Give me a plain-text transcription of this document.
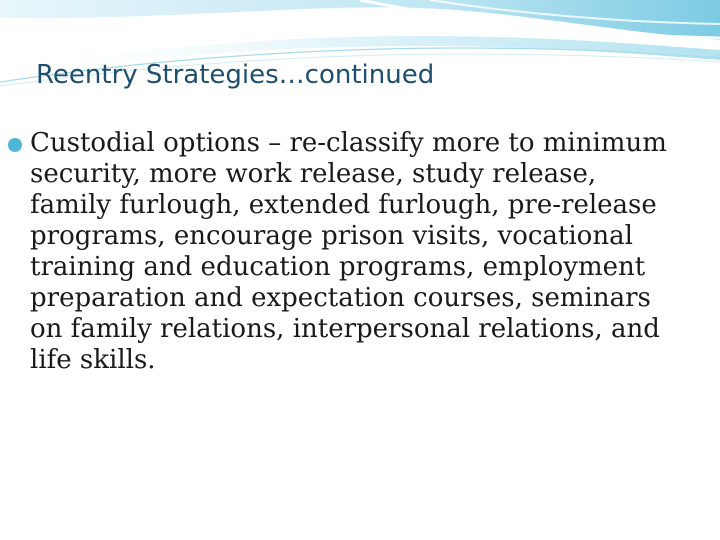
Reentry Strategies…continued

Custodial options – re-classify more to minimum security, more work release, study release, family furlough, extended furlough, pre-release programs, encourage prison visits, vocational training and education programs, employment preparation and expectation courses, seminars on family relations, interpersonal relations, and life skills.
